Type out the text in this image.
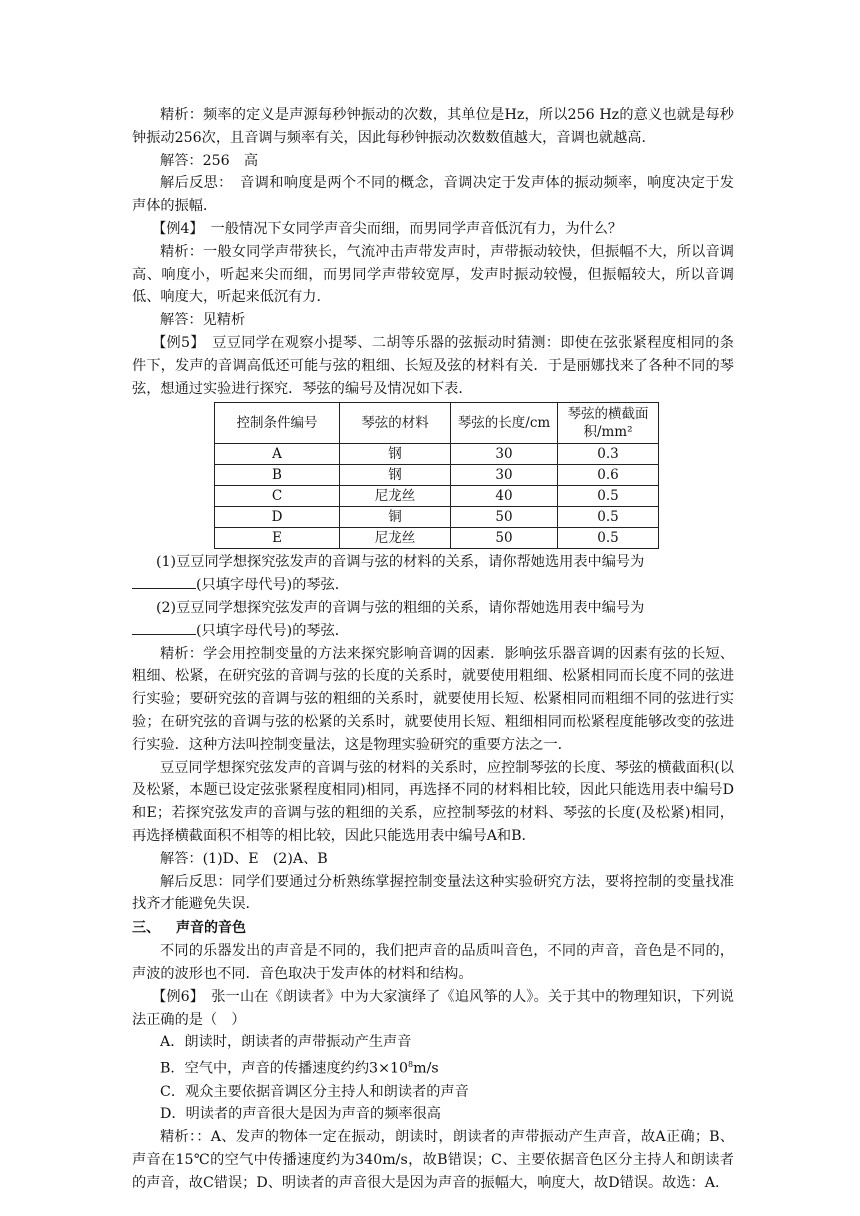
精析：频率的定义是声源每秒钟振动的次数，其单位是Hz，所以256 Hz的意义也就是每秒钟振动256次，且音调与频率有关，因此每秒钟振动次数数值越大，音调也就越高．

解答：256　高

解后反思：　音调和响度是两个不同的概念，音调决定于发声体的振动频率，响度决定于发声体的振幅．

【例4】　一般情况下女同学声音尖而细，而男同学声音低沉有力，为什么？

精析：一般女同学声带狭长，气流冲击声带发声时，声带振动较快，但振幅不大，所以音调高、响度小，听起来尖而细，而男同学声带较宽厚，发声时振动较慢，但振幅较大，所以音调低、响度大，听起来低沉有力．

解答：见精析

【例5】　豆豆同学在观察小提琴、二胡等乐器的弦振动时猜测：即使在弦张紧程度相同的条件下，发声的音调高低还可能与弦的粗细、长短及弦的材料有关．于是丽娜找来了各种不同的琴弦，想通过实验进行探究．琴弦的编号及情况如下表．

控制条件编号	琴弦的材料	琴弦的长度/cm	琴弦的横截面积/mm²
A	钢	30	0.3
B	钢	30	0.6
C	尼龙丝	40	0.5
D	铜	50	0.5
E	尼龙丝	50	0.5

(1)豆豆同学想探究弦发声的音调与弦的材料的关系，请你帮她选用表中编号为
(只填字母代号)的琴弦．

(2)豆豆同学想探究弦发声的音调与弦的粗细的关系，请你帮她选用表中编号为
(只填字母代号)的琴弦．

精析：学会用控制变量的方法来探究影响音调的因素．影响弦乐器音调的因素有弦的长短、粗细、松紧，在研究弦的音调与弦的长度的关系时，就要使用粗细、松紧相同而长度不同的弦进行实验；要研究弦的音调与弦的粗细的关系时，就要使用长短、松紧相同而粗细不同的弦进行实验；在研究弦的音调与弦的松紧的关系时，就要使用长短、粗细相同而松紧程度能够改变的弦进行实验．这种方法叫控制变量法，这是物理实验研究的重要方法之一．

豆豆同学想探究弦发声的音调与弦的材料的关系时，应控制琴弦的长度、琴弦的横截面积(以及松紧，本题已设定弦张紧程度相同)相同，再选择不同的材料相比较，因此只能选用表中编号D和E；若探究弦发声的音调与弦的粗细的关系，应控制琴弦的材料、琴弦的长度(及松紧)相同，再选择横截面积不相等的相比较，因此只能选用表中编号A和B．

解答：(1)D、E　(2)A、B

解后反思：同学们要通过分析熟练掌握控制变量法这种实验研究方法，要将控制的变量找准找齐才能避免失误．

三、 声音的音色

不同的乐器发出的声音是不同的，我们把声音的品质叫音色，不同的声音，音色是不同的，声波的波形也不同．音色取决于发声体的材料和结构。

【例6】　张一山在《朗读者》中为大家演绎了《追风筝的人》。关于其中的物理知识，下列说法正确的是（　）

A．朗读时，朗读者的声带振动产生声音

B．空气中，声音的传播速度约约$3\times 10^8m/s$

C．观众主要依据音调区分主持人和朗读者的声音

D．明读者的声音很大是因为声音的频率很高

精析：：A、发声的物体一定在振动，朗读时，朗读者的声带振动产生声音，故A正确；B、声音在15℃的空气中传播速度约为340m/s，故B错误；C、主要依据音色区分主持人和朗读者的声音，故C错误；D、明读者的声音很大是因为声音的振幅大，响度大，故D错误。故选：A.
